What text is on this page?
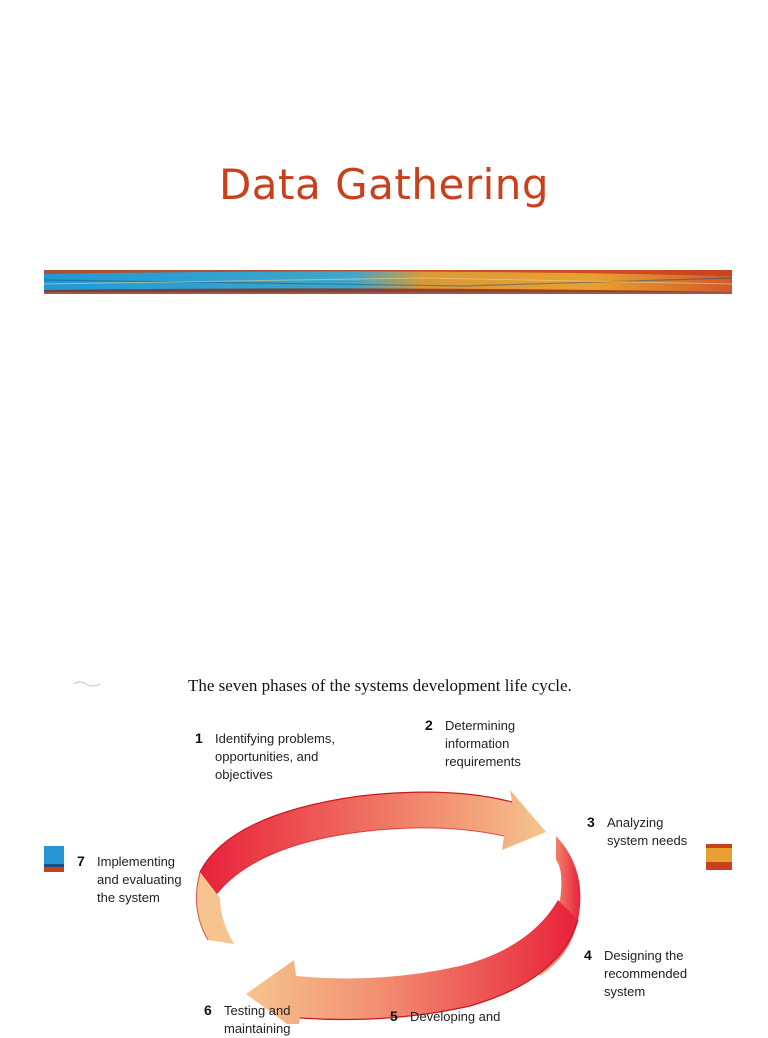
Data Gathering
The seven phases of the systems development life cycle.
1 Identifying problems,
opportunities, and
objectives
2 Determining
information
requirements
3 Analyzing
system needs
4 Designing the
recommended
system
5 Developing and
6 Testing and
maintaining
7 Implementing
and evaluating
the system
